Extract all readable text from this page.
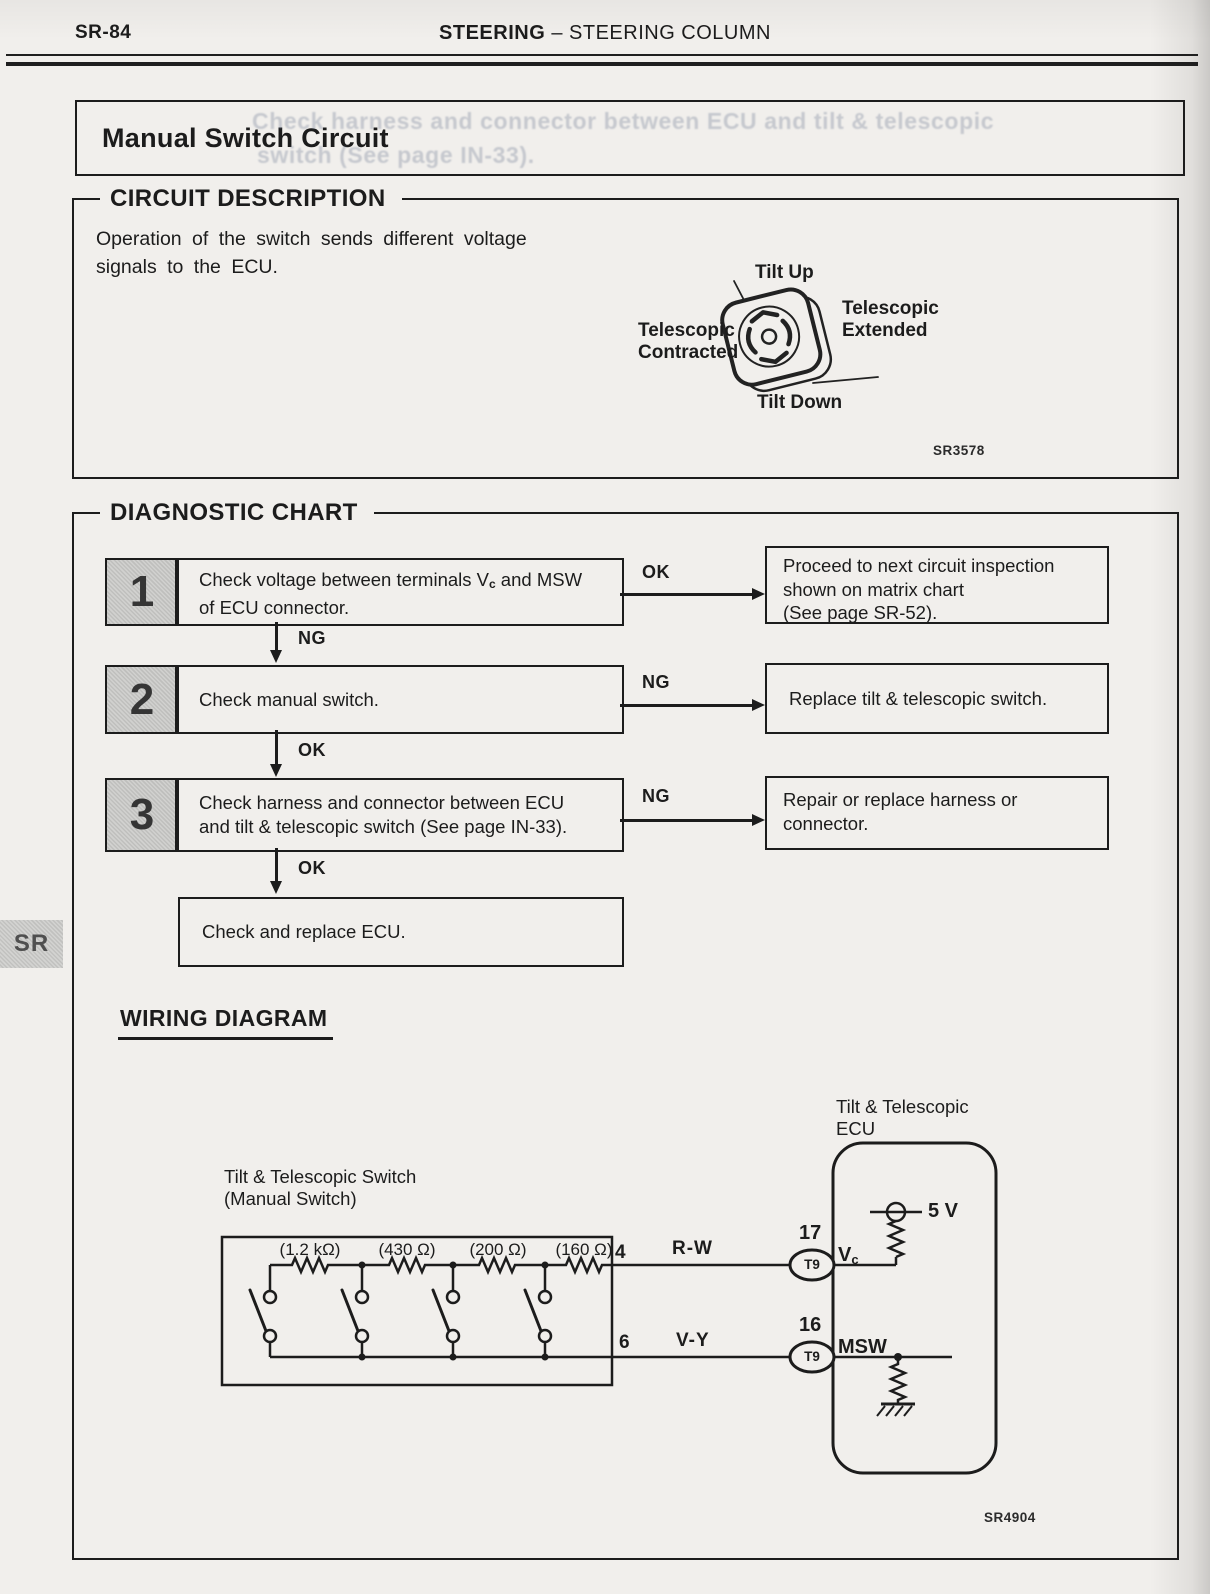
SR-84	STEERING – STEERING COLUMN
Check harness and connector between ECU and tilt & telescopic
switch (See page IN-33).
Manual Switch Circuit
CIRCUIT DESCRIPTION
Operation of the switch sends different voltage
signals to the ECU.	Tilt Up
Telescopic
Extended
Telescopic
Contracted
Tilt Down
SR3578
DIAGNOSTIC CHART
1 Check voltage between terminals Vc and MSW
of ECU connector.
OK	Proceed to next circuit inspection
shown on matrix chart
(See page SR-52).
NG
2	Check manual switch.
NG
Replace tilt & telescopic switch.
OK
3 Check harness and connector between ECU
and tilt & telescopic switch (See page IN-33).
NG	Repair or replace harness or
connector.
OK
Check and replace ECU.
SR
WIRING DIAGRAM
Tilt & Telescopic Switch
(Manual Switch)
(1.2 kΩ) (430 Ω) (200 Ω) (160 Ω) 4
6
R-W
V-Y
17
T9 Vc
16
T9 MSW
5 V
Tilt & Telescopic
ECU
SR4904
